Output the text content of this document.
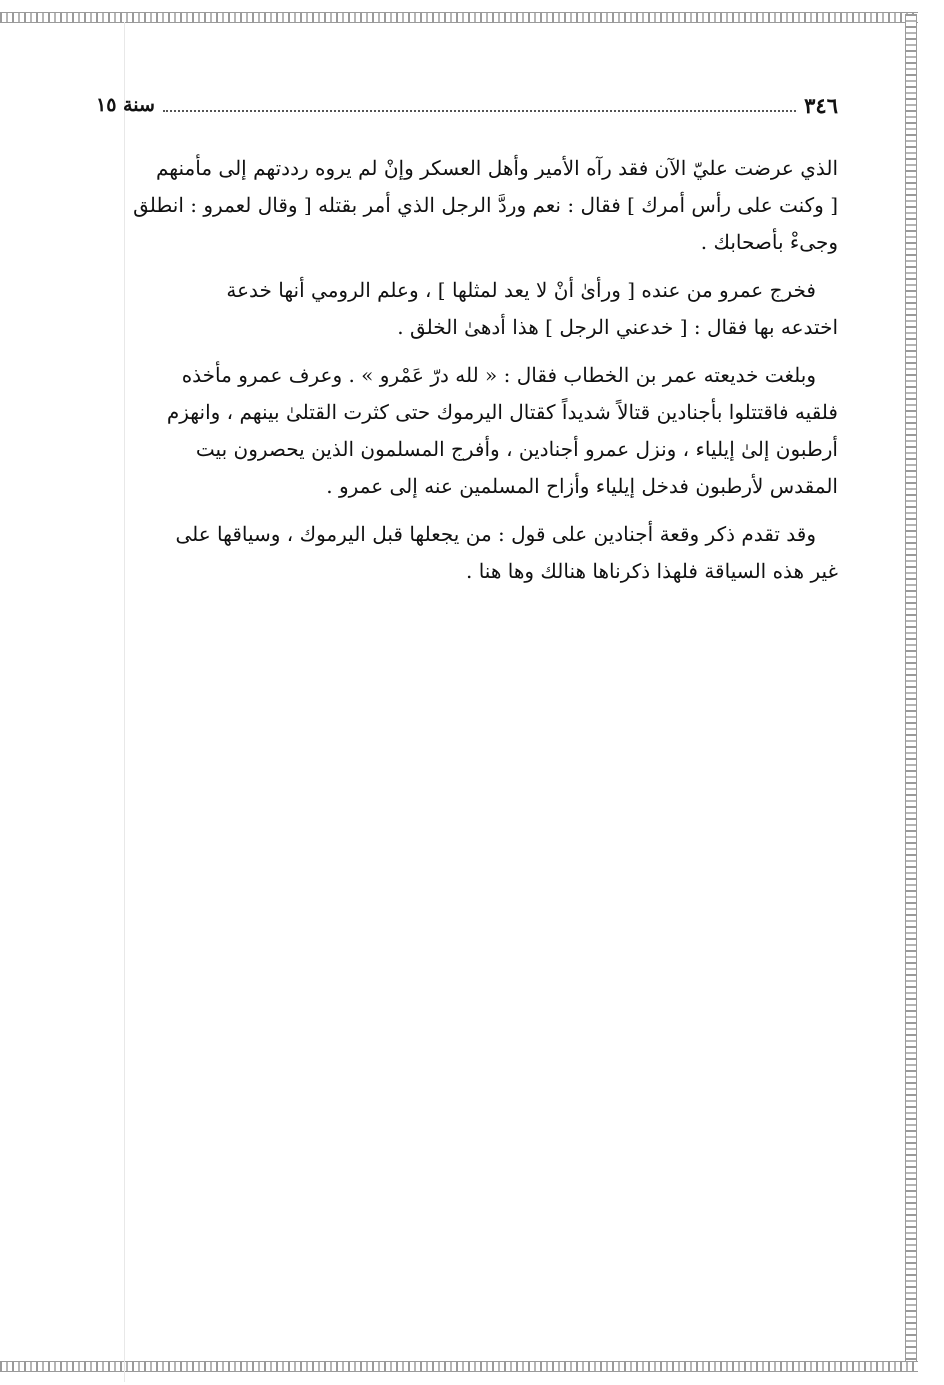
٣٤٦
سنة ١٥
الذي عرضت عليّ الآن فقد رآه الأمير وأهل العسكر وإنْ لم يروه رددتهم إلى مأمنهم
[ وكنت على رأس أمرك ] فقال : نعم وردَّ الرجل الذي أمر بقتله [ وقال لعمرو : انطلق
وجىءْ بأصحابك .
فخرج عمرو من عنده [ ورأىٰ أنْ لا يعد لمثلها ] ، وعلم الرومي أنها خدعة
اختدعه بها فقال : [ خدعني الرجل ] هذا أدهىٰ الخلق .
وبلغت خديعته عمر بن الخطاب فقال : « لله درّ عَمْرو » . وعرف عمرو مأخذه
فلقيه فاقتتلوا بأجنادين قتالاً شديداً كقتال اليرموك حتى كثرت القتلىٰ بينهم ، وانهزم
أرطبون إلىٰ إيلياء ، ونزل عمرو أجنادين ، وأفرج المسلمون الذين يحصرون بيت
المقدس لأرطبون فدخل إيلياء وأزاح المسلمين عنه إلى عمرو .
وقد تقدم ذكر وقعة أجنادين على قول : من يجعلها قبل اليرموك ، وسياقها على
غير هذه السياقة فلهذا ذكرناها هنالك وها هنا .
